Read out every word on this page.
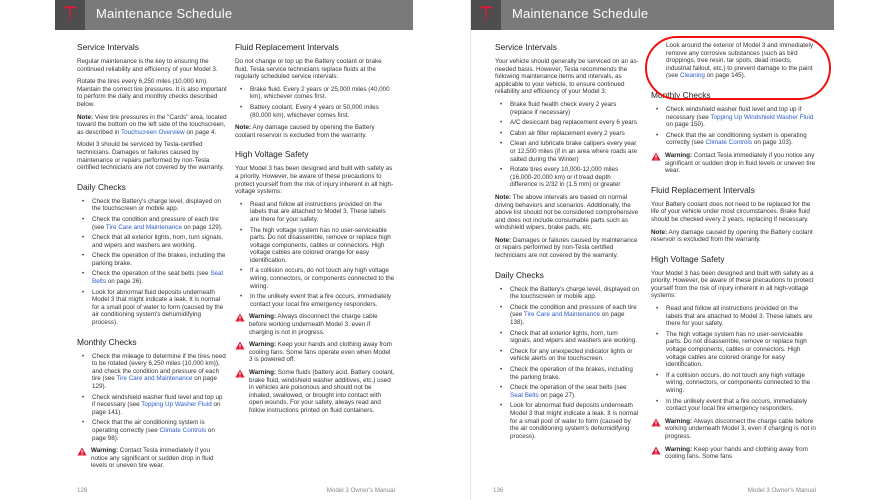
Maintenance Schedule
Service Intervals

Regular maintenance is the key to ensuring the continued reliability and efficiency of your Model 3.

Rotate the tires every 6,250 miles (10,000 km). Maintain the correct tire pressures. It is also important to perform the daily and monthly checks described below.

Note: View tire pressures in the "Cards" area, located toward the bottom on the left side of the touchscreen, as described in Touchscreen Overview on page 4.

Model 3 should be serviced by Tesla-certified technicians. Damages or failures caused by maintenance or repairs performed by non-Tesla certified technicians are not covered by the warranty.

Daily Checks
• Check the Battery's charge level, displayed on the touchscreen or mobile app.
• Check the condition and pressure of each tire (see Tire Care and Maintenance on page 129).
• Check that all exterior lights, horn, turn signals, and wipers and washers are working.
• Check the operation of the brakes, including the parking brake.
• Check the operation of the seat belts (see Seat Belts on page 26).
• Look for abnormal fluid deposits underneath Model 3 that might indicate a leak. It is normal for a small pool of water to form (caused by the air conditioning system's dehumidifying process).
Monthly Checks
• Check the mileage to determine if the tires need to be rotated (every 6,250 miles (10,000 km)), and check the condition and pressure of each tire (see Tire Care and Maintenance on page 129).
• Check windshield washer fluid level and top up if necessary (see Topping Up Washer Fluid on page 141).
• Check that the air conditioning system is operating correctly (see Climate Controls on page 98).
Warning: Contact Tesla immediately if you notice any significant or sudden drop in fluid levels or uneven tire wear.
Fluid Replacement Intervals

Do not change or top up the Battery coolant or brake fluid. Tesla service technicians replace fluids at the regularly scheduled service intervals:

• Brake fluid. Every 2 years or 25,000 miles (40,000 km), whichever comes first.
• Battery coolant. Every 4 years or 50,000 miles (80,000 km), whichever comes first.

Note: Any damage caused by opening the Battery coolant reservoir is excluded from the warranty.

High Voltage Safety

Your Model 3 has been designed and built with safety as a priority. However, be aware of these precautions to protect yourself from the risk of injury inherent in all high-voltage systems:

• Read and follow all instructions provided on the labels that are attached to Model 3. These labels are there for your safety.
• The high voltage system has no user-serviceable parts. Do not disassemble, remove or replace high voltage components, cables or connectors. High voltage cables are colored orange for easy identification.
• If a collision occurs, do not touch any high voltage wiring, connectors, or components connected to the wiring.
• In the unlikely event that a fire occurs, immediately contact your local fire emergency responders.
Warning: Always disconnect the charge cable before working underneath Model 3, even if charging is not in progress.
Warning: Keep your hands and clothing away from cooling fans. Some fans operate even when Model 3 is powered off.
Warning: Some fluids (battery acid, Battery coolant, brake fluid, windshield washer additives, etc.) used in vehicles are poisonous and should not be inhaled, swallowed, or brought into contact with open wounds. For your safety, always read and follow instructions printed on fluid containers.
128	Model 3 Owner's Manual
Maintenance Schedule
Service Intervals

Your vehicle should generally be serviced on an as-needed basis. However, Tesla recommends the following maintenance items and intervals, as applicable to your vehicle, to ensure continued reliability and efficiency of your Model 3:

• Brake fluid health check every 2 years (replace if necessary)
• A/C desiccant bag replacement every 6 years
• Cabin air filter replacement every 2 years
• Clean and lubricate brake calipers every year or 12,500 miles (if in an area where roads are salted during the Winter)
• Rotate tires every 10,000-12,000 miles (16,000-20,000 km) or if tread depth difference is 2/32 in (1.5 mm) or greater

Note: The above intervals are based on normal driving behaviors and scenarios. Additionally, the above list should not be considered comprehensive and does not include consumable parts such as windshield wipers, brake pads, etc.

Note: Damages or failures caused by maintenance or repairs performed by non-Tesla certified technicians are not covered by the warranty.

Daily Checks
• Check the Battery's charge level, displayed on the touchscreen or mobile app.
• Check the condition and pressure of each tire (see Tire Care and Maintenance on page 138).
• Check that all exterior lights, horn, turn signals, and wipers and washers are working.
• Check for any unexpected indicator lights or vehicle alerts on the touchscreen.
• Check the operation of the brakes, including the parking brake.
• Check the operation of the seat belts (see Seat Belts on page 27).
• Look for abnormal fluid deposits underneath Model 3 that might indicate a leak. It is normal for a small pool of water to form (caused by the air conditioning system's dehumidifying process).
• Look around the exterior of Model 3 and immediately remove any corrosive substances (such as bird droppings, tree resin, tar spots, dead insects, industrial fallout, etc.) to prevent damage to the paint (see Cleaning on page 145).
Monthly Checks
• Check windshield washer fluid level and top up if necessary (see Topping Up Windshield Washer Fluid on page 150).
• Check that the air conditioning system is operating correctly (see Climate Controls on page 103).
Warning: Contact Tesla immediately if you notice any significant or sudden drop in fluid levels or uneven tire wear.
Fluid Replacement Intervals

Your Battery coolant does not need to be replaced for the life of your vehicle under most circumstances. Brake fluid should be checked every 2 years, replacing if necessary.

Note: Any damage caused by opening the Battery coolant reservoir is excluded from the warranty.

High Voltage Safety

Your Model 3 has been designed and built with safety as a priority. However, be aware of these precautions to protect yourself from the risk of injury inherent in all high-voltage systems:

• Read and follow all instructions provided on the labels that are attached to Model 3. These labels are there for your safety.
• The high voltage system has no user-serviceable parts. Do not disassemble, remove or replace high voltage components, cables or connectors. High voltage cables are colored orange for easy identification.
• If a collision occurs, do not touch any high voltage wiring, connectors, or components connected to the wiring.
• In the unlikely event that a fire occurs, immediately contact your local fire emergency responders.
Warning: Always disconnect the charge cable before working underneath Model 3, even if charging is not in progress.
Warning: Keep your hands and clothing away from cooling fans. Some fans
136	Model 3 Owner's Manual
